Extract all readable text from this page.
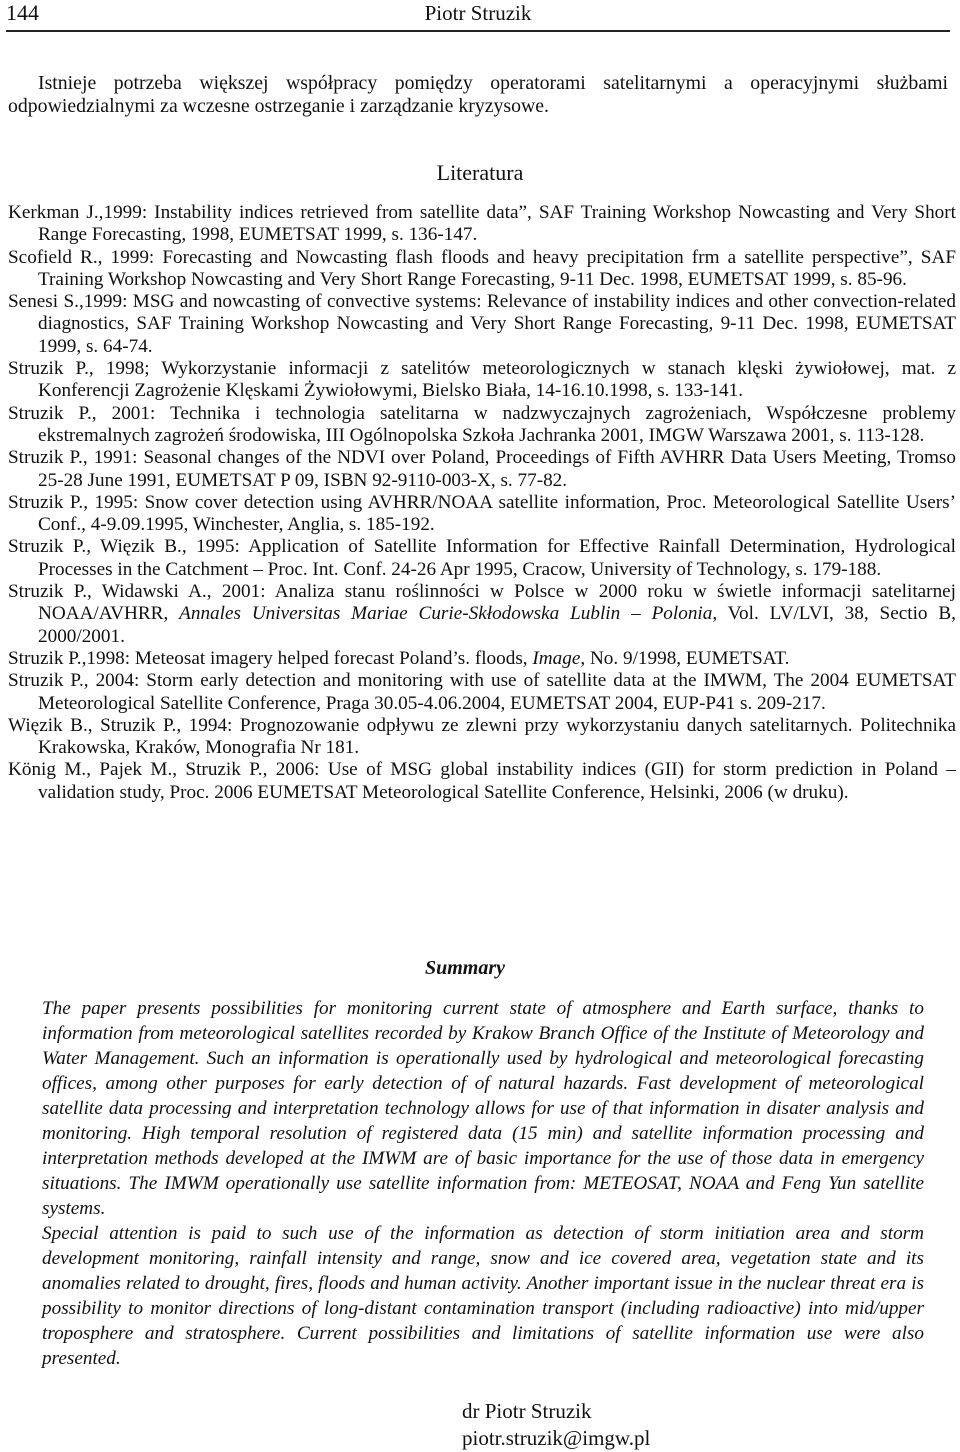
144	Piotr Struzik

Istnieje potrzeba większej współpracy pomiędzy operatorami satelitarnymi a operacyjnymi służbami odpowiedzialnymi za wczesne ostrzeganie i zarządzanie kryzysowe.

Literatura
Kerkman J.,1999: Instability indices retrieved from satellite data”, SAF Training Workshop Nowcasting and Very Short Range Forecasting, 1998, EUMETSAT 1999, s. 136-147.
Scofield R., 1999: Forecasting and Nowcasting flash floods and heavy precipitation frm a satellite perspective”, SAF Training Workshop Nowcasting and Very Short Range Forecasting, 9-11 Dec. 1998, EUMETSAT 1999, s. 85-96.
Senesi S.,1999: MSG and nowcasting of convective systems: Relevance of instability indices and other convection-related diagnostics, SAF Training Workshop Nowcasting and Very Short Range Forecasting, 9-11 Dec. 1998, EUMETSAT 1999, s. 64-74.
Struzik P., 1998; Wykorzystanie informacji z satelitów meteorologicznych w stanach klęski żywiołowej, mat. z Konferencji Zagrożenie Klęskami Żywiołowymi, Bielsko Biała, 14-16.10.1998, s. 133-141.
Struzik P., 2001: Technika i technologia satelitarna w nadzwyczajnych zagrożeniach, Współczesne problemy ekstremalnych zagrożeń środowiska, III Ogólnopolska Szkoła Jachranka 2001, IMGW Warszawa 2001, s. 113-128.
Struzik P., 1991: Seasonal changes of the NDVI over Poland, Proceedings of Fifth AVHRR Data Users Meeting, Tromso 25-28 June 1991, EUMETSAT P 09, ISBN 92-9110-003-X, s. 77-82.
Struzik P., 1995: Snow cover detection using AVHRR/NOAA satellite information, Proc. Meteorological Satellite Users’ Conf., 4-9.09.1995, Winchester, Anglia, s. 185-192.
Struzik P., Więzik B., 1995: Application of Satellite Information for Effective Rainfall Determination, Hydrological Processes in the Catchment – Proc. Int. Conf. 24-26 Apr 1995, Cracow, University of Technology, s. 179-188.
Struzik P., Widawski A., 2001: Analiza stanu roślinności w Polsce w 2000 roku w świetle informacji satelitarnej NOAA/AVHRR, Annales Universitas Mariae Curie-Skłodowska Lublin – Polonia, Vol. LV/LVI, 38, Sectio B, 2000/2001.
Struzik P.,1998: Meteosat imagery helped forecast Poland’s. floods, Image, No. 9/1998, EUMETSAT.
Struzik P., 2004: Storm early detection and monitoring with use of satellite data at the IMWM, The 2004 EUMETSAT Meteorological Satellite Conference, Praga 30.05-4.06.2004, EUMETSAT 2004, EUP-P41 s. 209-217.
Więzik B., Struzik P., 1994: Prognozowanie odpływu ze zlewni przy wykorzystaniu danych satelitarnych. Politechnika Krakowska, Kraków, Monografia Nr 181.
König M., Pajek M., Struzik P., 2006: Use of MSG global instability indices (GII) for storm prediction in Poland – validation study, Proc. 2006 EUMETSAT Meteorological Satellite Conference, Helsinki, 2006 (w druku).
Summary

The paper presents possibilities for monitoring current state of atmosphere and Earth surface, thanks to information from meteorological satellites recorded by Krakow Branch Office of the Institute of Meteorology and Water Management. Such an information is operationally used by hydrological and meteorological forecasting offices, among other purposes for early detection of of natural hazards. Fast development of meteorological satellite data processing and interpretation technology allows for use of that information in disater analysis and monitoring. High temporal resolution of registered data (15 min) and satellite information processing and interpretation methods developed at the IMWM are of basic importance for the use of those data in emergency situations. The IMWM operationally use satellite information from: METEOSAT, NOAA and Feng Yun satellite systems.

Special attention is paid to such use of the information as detection of storm initiation area and storm development monitoring, rainfall intensity and range, snow and ice covered area, vegetation state and its anomalies related to drought, fires, floods and human activity. Another important issue in the nuclear threat era is possibility to monitor directions of long-distant contamination transport (including radioactive) into mid/upper troposphere and stratosphere. Current possibilities and limitations of satellite information use were also presented.

dr Piotr Struzik
piotr.struzik@imgw.pl
